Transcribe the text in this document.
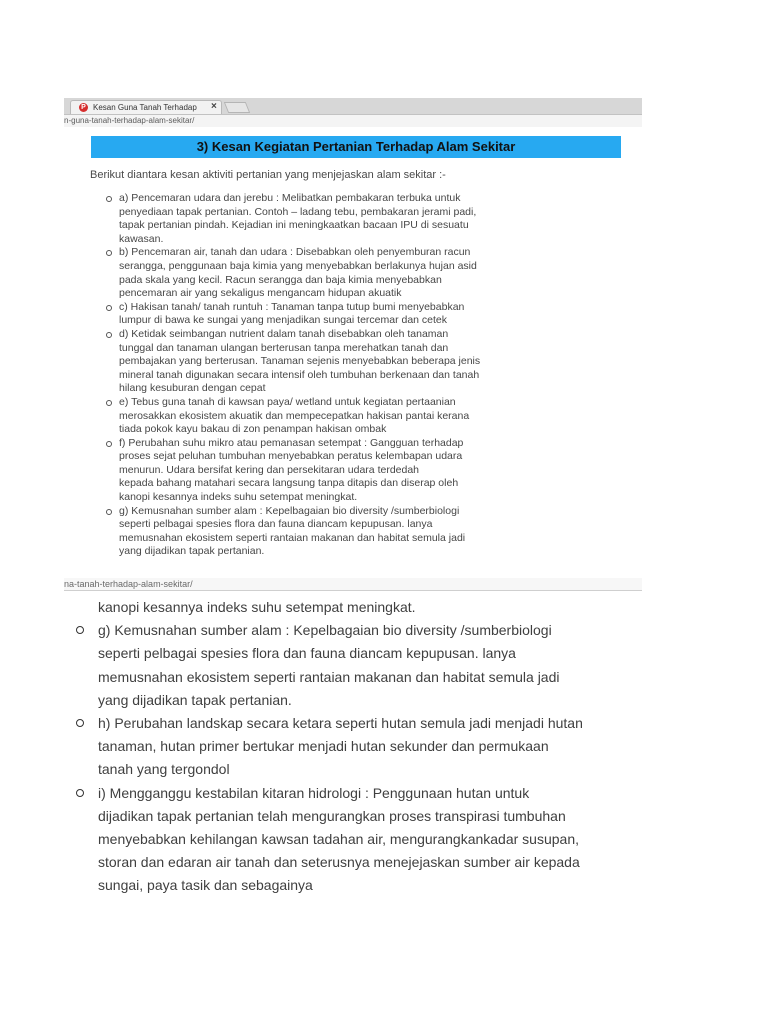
P Kesan Guna Tanah Terhadap	×
n-guna-tanah-terhadap-alam-sekitar/
3) Kesan Kegiatan Pertanian Terhadap Alam Sekitar
Berikut diantara kesan aktiviti pertanian yang menjejaskan alam sekitar :-
a) Pencemaran udara dan jerebu : Melibatkan pembakaran terbuka untuk
penyediaan tapak pertanian. Contoh – ladang tebu, pembakaran jerami padi,
tapak pertanian pindah. Kejadian ini meningkaatkan bacaan IPU di sesuatu
kawasan.
b) Pencemaran air, tanah dan udara : Disebabkan oleh penyemburan racun
serangga, penggunaan baja kimia yang menyebabkan berlakunya hujan asid
pada skala yang kecil. Racun serangga dan baja kimia menyebabkan
pencemaran air yang sekaligus mengancam hidupan akuatik
c) Hakisan tanah/ tanah runtuh : Tanaman tanpa tutup bumi menyebabkan
lumpur di bawa ke sungai yang menjadikan sungai tercemar dan cetek
d) Ketidak seimbangan nutrient dalam tanah disebabkan oleh tanaman
tunggal dan tanaman ulangan berterusan tanpa merehatkan tanah dan
pembajakan yang berterusan. Tanaman sejenis menyebabkan beberapa jenis
mineral tanah digunakan secara intensif oleh tumbuhan berkenaan dan tanah
hilang kesuburan dengan cepat
e) Tebus guna tanah di kawsan paya/ wetland untuk kegiatan pertaanian
merosakkan ekosistem akuatik dan mempecepatkan hakisan pantai kerana
tiada pokok kayu bakau di zon penampan hakisan ombak
f) Perubahan suhu mikro atau pemanasan setempat : Gangguan terhadap
proses sejat peluhan tumbuhan menyebabkan peratus kelembapan udara
menurun. Udara bersifat kering dan persekitaran udara terdedah
kepada bahang matahari secara langsung tanpa ditapis dan diserap oleh
kanopi kesannya indeks suhu setempat meningkat.
g) Kemusnahan sumber alam : Kepelbagaian bio diversity /sumberbiologi
seperti pelbagai spesies flora dan fauna diancam kepupusan. lanya
memusnahan ekosistem seperti rantaian makanan dan habitat semula jadi
yang dijadikan tapak pertanian.
na-tanah-terhadap-alam-sekitar/
kanopi kesannya indeks suhu setempat meningkat.
g) Kemusnahan sumber alam : Kepelbagaian bio diversity /sumberbiologi
seperti pelbagai spesies flora dan fauna diancam kepupusan. lanya
memusnahan ekosistem seperti rantaian makanan dan habitat semula jadi
yang dijadikan tapak pertanian.
h) Perubahan landskap secara ketara seperti hutan semula jadi menjadi hutan
tanaman, hutan primer bertukar menjadi hutan sekunder dan permukaan
tanah yang tergondol
i) Mengganggu kestabilan kitaran hidrologi : Penggunaan hutan untuk
dijadikan tapak pertanian telah mengurangkan proses transpirasi tumbuhan
menyebabkan kehilangan kawsan tadahan air, mengurangkankadar susupan,
storan dan edaran air tanah dan seterusnya menejejaskan sumber air kepada
sungai, paya tasik dan sebagainya
